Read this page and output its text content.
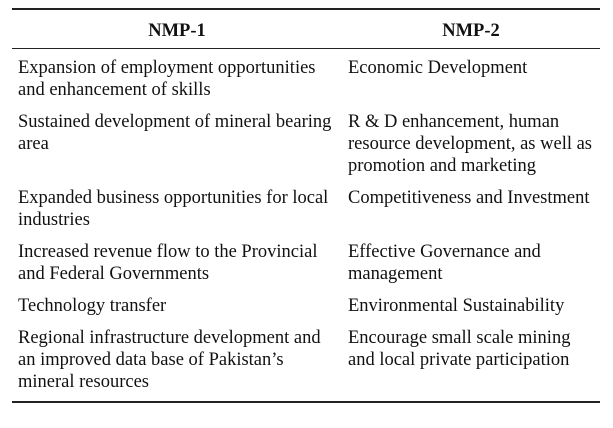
NMP-1	NMP-2
Expansion of employment opportunities and enhancement of skills	Economic Development
Sustained development of mineral bearing area	R & D enhancement, human resource development, as well as promotion and marketing
Expanded business opportunities for local industries	Competitiveness and Investment
Increased revenue flow to the Provincial and Federal Governments	Effective Governance and management
Technology transfer	Environmental Sustainability
Regional infrastructure development and an improved data base of Pakistan’s mineral resources	Encourage small scale mining and local private participation
